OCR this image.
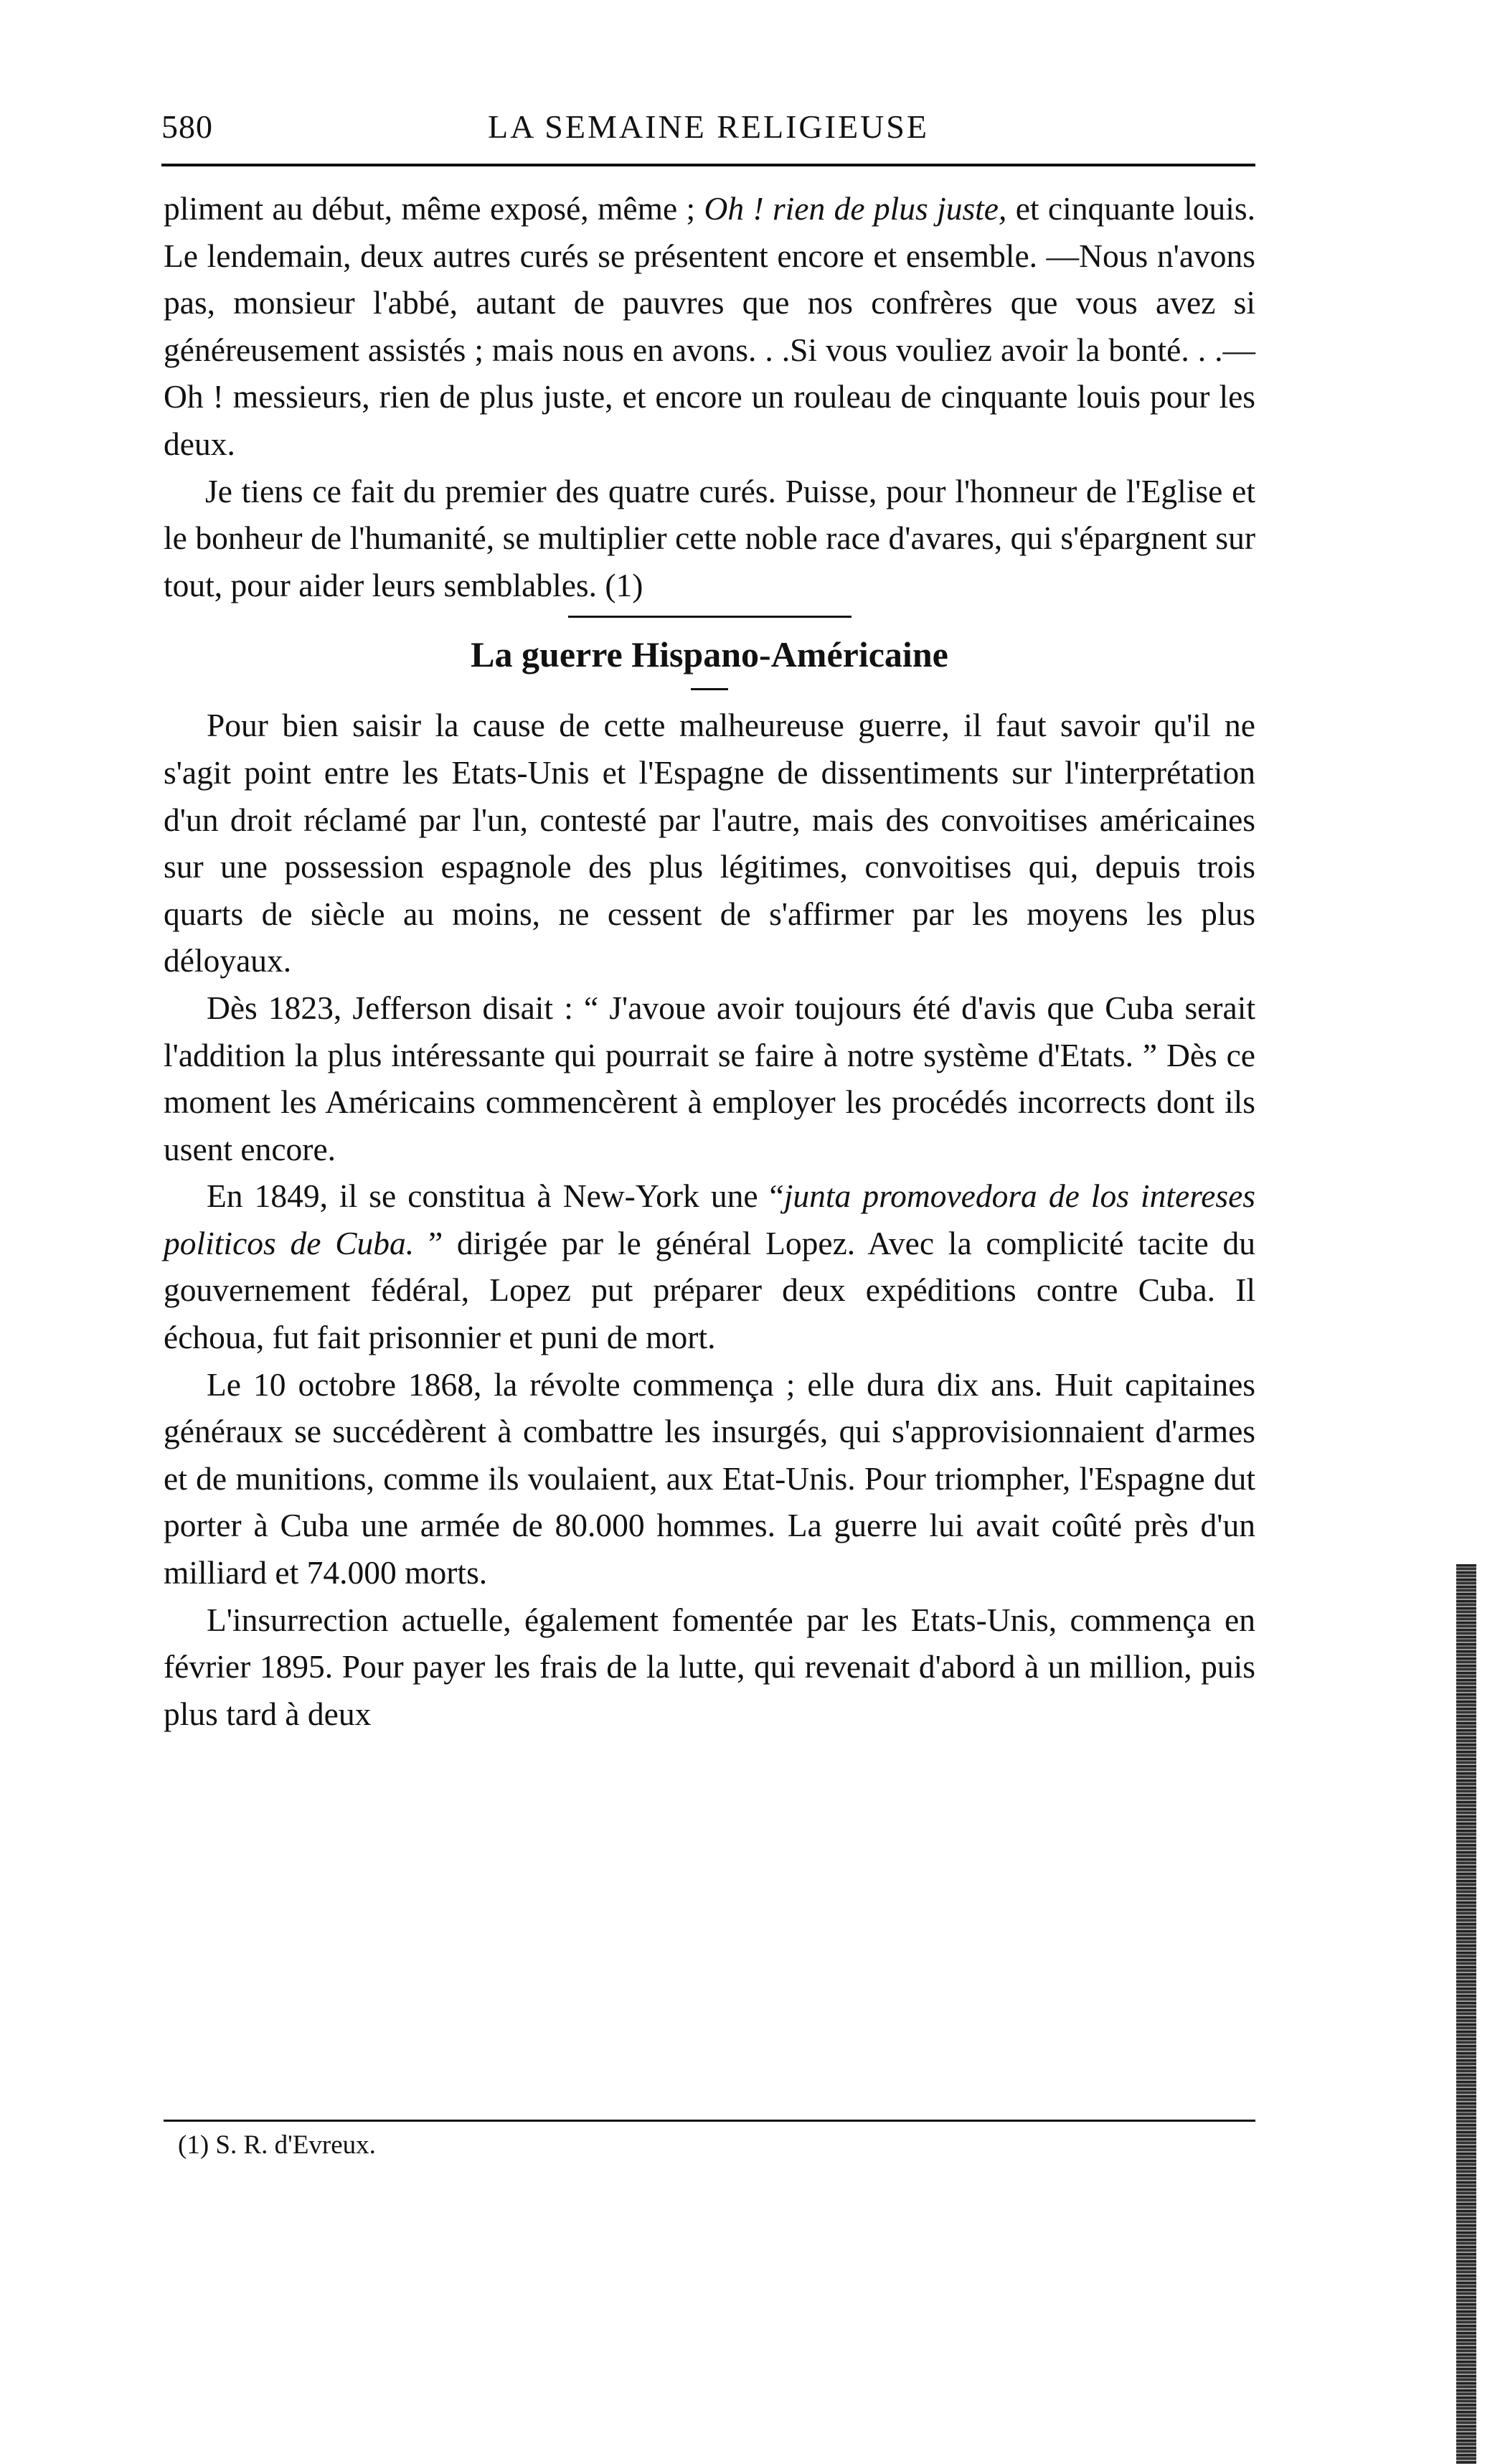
580	LA SEMAINE RELIGIEUSE

pliment au début, même exposé, même ; Oh ! rien de plus juste, et cinquante louis. Le lendemain, deux autres curés se présentent encore et ensemble. —Nous n'avons pas, monsieur l'abbé, autant de pauvres que nos confrères que vous avez si généreusement assistés ; mais nous en avons. . .Si vous vouliez avoir la bonté. . .— Oh ! messieurs, rien de plus juste, et encore un rouleau de cinquante louis pour les deux.

Je tiens ce fait du premier des quatre curés. Puisse, pour l'honneur de l'Eglise et le bonheur de l'humanité, se multiplier cette noble race d'avares, qui s'épargnent sur tout, pour aider leurs semblables. (1)

La guerre Hispano-Américaine

Pour bien saisir la cause de cette malheureuse guerre, il faut savoir qu'il ne s'agit point entre les Etats-Unis et l'Espagne de dissentiments sur l'interprétation d'un droit réclamé par l'un, contesté par l'autre, mais des convoitises américaines sur une possession espagnole des plus légitimes, convoitises qui, depuis trois quarts de siècle au moins, ne cessent de s'affirmer par les moyens les plus déloyaux.

Dès 1823, Jefferson disait : “ J'avoue avoir toujours été d'avis que Cuba serait l'addition la plus intéressante qui pourrait se faire à notre système d'Etats. ” Dès ce moment les Américains commencèrent à employer les procédés incorrects dont ils usent encore.

En 1849, il se constitua à New-York une “junta promovedora de los intereses politicos de Cuba. ” dirigée par le général Lopez. Avec la complicité tacite du gouvernement fédéral, Lopez put préparer deux expéditions contre Cuba. Il échoua, fut fait prisonnier et puni de mort.

Le 10 octobre 1868, la révolte commença ; elle dura dix ans. Huit capitaines généraux se succédèrent à combattre les insurgés, qui s'approvisionnaient d'armes et de munitions, comme ils voulaient, aux Etat-Unis. Pour triompher, l'Espagne dut porter à Cuba une armée de 80.000 hommes. La guerre lui avait coûté près d'un milliard et 74.000 morts.

L'insurrection actuelle, également fomentée par les Etats-Unis, commença en février 1895. Pour payer les frais de la lutte, qui revenait d'abord à un million, puis plus tard à deux

(1) S. R. d'Evreux.
